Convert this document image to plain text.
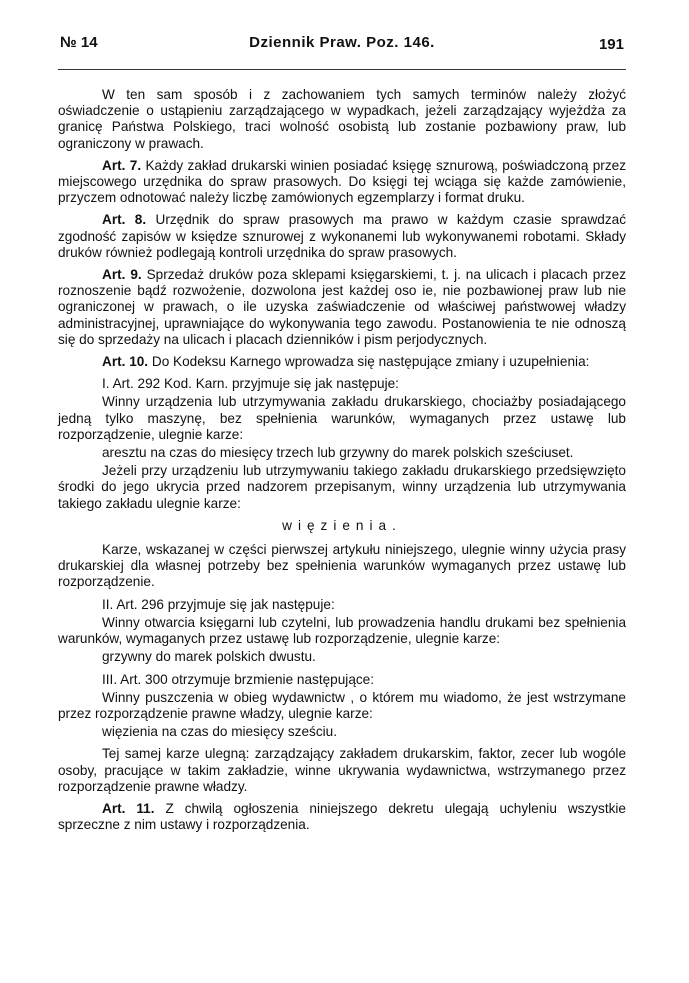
№ 14	Dziennik Praw. Poz. 146.	191

W ten sam sposób i z zachowaniem tych samych terminów należy złożyć oświadczenie o ustąpieniu zarządzającego w wypadkach, jeżeli zarządzający wyjeżdża za granicę Państwa Polskiego, traci wolność osobistą lub zostanie pozbawiony praw, lub ograniczony w prawach.

Art. 7. Każdy zakład drukarski winien posiadać księgę sznurową, poświadczoną przez miejscowego urzędnika do spraw prasowych. Do księgi tej wciąga się każde zamówienie, przyczem odnotować należy liczbę zamówionych egzemplarzy i format druku.

Art. 8. Urzędnik do spraw prasowych ma prawo w każdym czasie sprawdzać zgodność zapisów w księdze sznurowej z wykonanemi lub wykonywanemi robotami. Składy druków również podlegają kontroli urzędnika do spraw prasowych.

Art. 9. Sprzedaż druków poza sklepami księgarskiemi, t. j. na ulicach i placach przez roznoszenie bądź rozwożenie, dozwolona jest każdej oso ie, nie pozbawionej praw lub nie ograniczonej w prawach, o ile uzyska zaświadczenie od właściwej państwowej władzy administracyjnej, uprawniające do wykonywania tego zawodu. Postanowienia te nie odnoszą się do sprzedaży na ulicach i placach dzienników i pism perjodycznych.

Art. 10. Do Kodeksu Karnego wprowadza się następujące zmiany i uzupełnienia:

I. Art. 292 Kod. Karn. przyjmuje się jak następuje:

Winny urządzenia lub utrzymywania zakładu drukarskiego, chociażby posiadającego jedną tylko maszynę, bez spełnienia warunków, wymaganych przez ustawę lub rozporządzenie, ulegnie karze:

aresztu na czas do miesięcy trzech lub grzywny do marek polskich sześciuset.

Jeżeli przy urządzeniu lub utrzymywaniu takiego zakładu drukarskiego przedsięwzięto środki do jego ukrycia przed nadzorem przepisanym, winny urządzenia lub utrzymywania takiego zakładu ulegnie karze:

więzienia.

Karze, wskazanej w części pierwszej artykułu niniejszego, ulegnie winny użycia prasy drukarskiej dla własnej potrzeby bez spełnienia warunków wymaganych przez ustawę lub rozporządzenie.

II. Art. 296 przyjmuje się jak następuje:

Winny otwarcia księgarni lub czytelni, lub prowadzenia handlu drukami bez spełnienia warunków, wymaganych przez ustawę lub rozporządzenie, ulegnie karze:

grzywny do marek polskich dwustu.

III. Art. 300 otrzymuje brzmienie następujące:

Winny puszczenia w obieg wydawnictw , o którem mu wiadomo, że jest wstrzymane przez rozporządzenie prawne władzy, ulegnie karze:

więzienia na czas do miesięcy sześciu.

Tej samej karze ulegną: zarządzający zakładem drukarskim, faktor, zecer lub wogóle osoby, pracujące w takim zakładzie, winne ukrywania wydawnictwa, wstrzymanego przez rozporządzenie prawne władzy.

Art. 11. Z chwilą ogłoszenia niniejszego dekretu ulegają uchyleniu wszystkie sprzeczne z nim ustawy i rozporządzenia.
